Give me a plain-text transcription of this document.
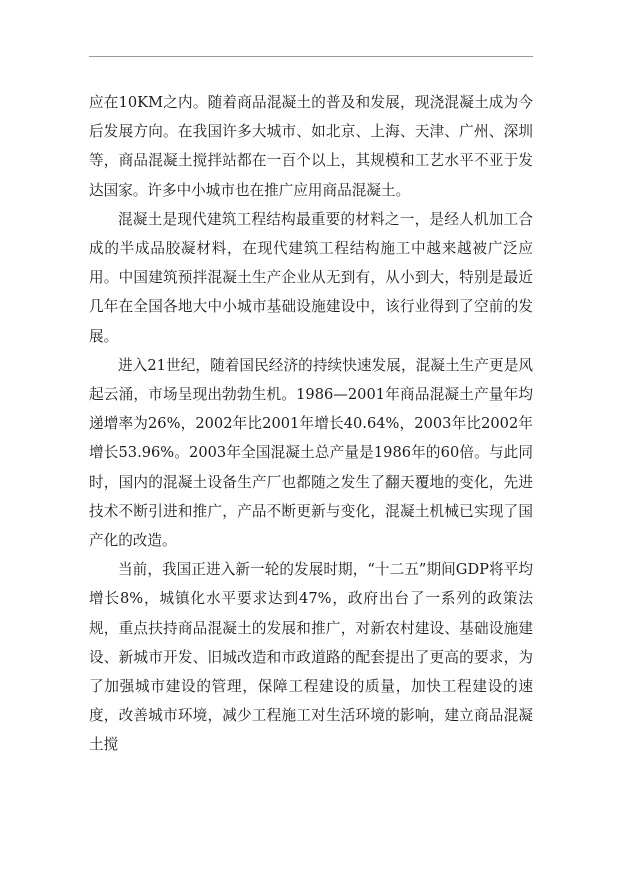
应在10KM之内。随着商品混凝土的普及和发展，现浇混凝土成为今后发展方向。在我国许多大城市、如北京、上海、天津、广州、深圳等，商品混凝土搅拌站都在一百个以上，其规模和工艺水平不亚于发达国家。许多中小城市也在推广应用商品混凝土。

混凝土是现代建筑工程结构最重要的材料之一，是经人机加工合成的半成品胶凝材料，在现代建筑工程结构施工中越来越被广泛应用。中国建筑预拌混凝土生产企业从无到有，从小到大，特别是最近几年在全国各地大中小城市基础设施建设中，该行业得到了空前的发展。

进入21世纪，随着国民经济的持续快速发展，混凝土生产更是风起云涌，市场呈现出勃勃生机。1986—2001年商品混凝土产量年均递增率为26%，2002年比2001年增长40.64%，2003年比2002年增长53.96%。2003年全国混凝土总产量是1986年的60倍。与此同时，国内的混凝土设备生产厂也都随之发生了翻天覆地的变化，先进技术不断引进和推广，产品不断更新与变化，混凝土机械已实现了国产化的改造。

当前，我国正进入新一轮的发展时期，“十二五”期间GDP将平均增长8%，城镇化水平要求达到47%，政府出台了一系列的政策法规，重点扶持商品混凝土的发展和推广，对新农村建设、基础设施建设、新城市开发、旧城改造和市政道路的配套提出了更高的要求，为了加强城市建设的管理，保障工程建设的质量，加快工程建设的速度，改善城市环境，减少工程施工对生活环境的影响，建立商品混凝土搅
